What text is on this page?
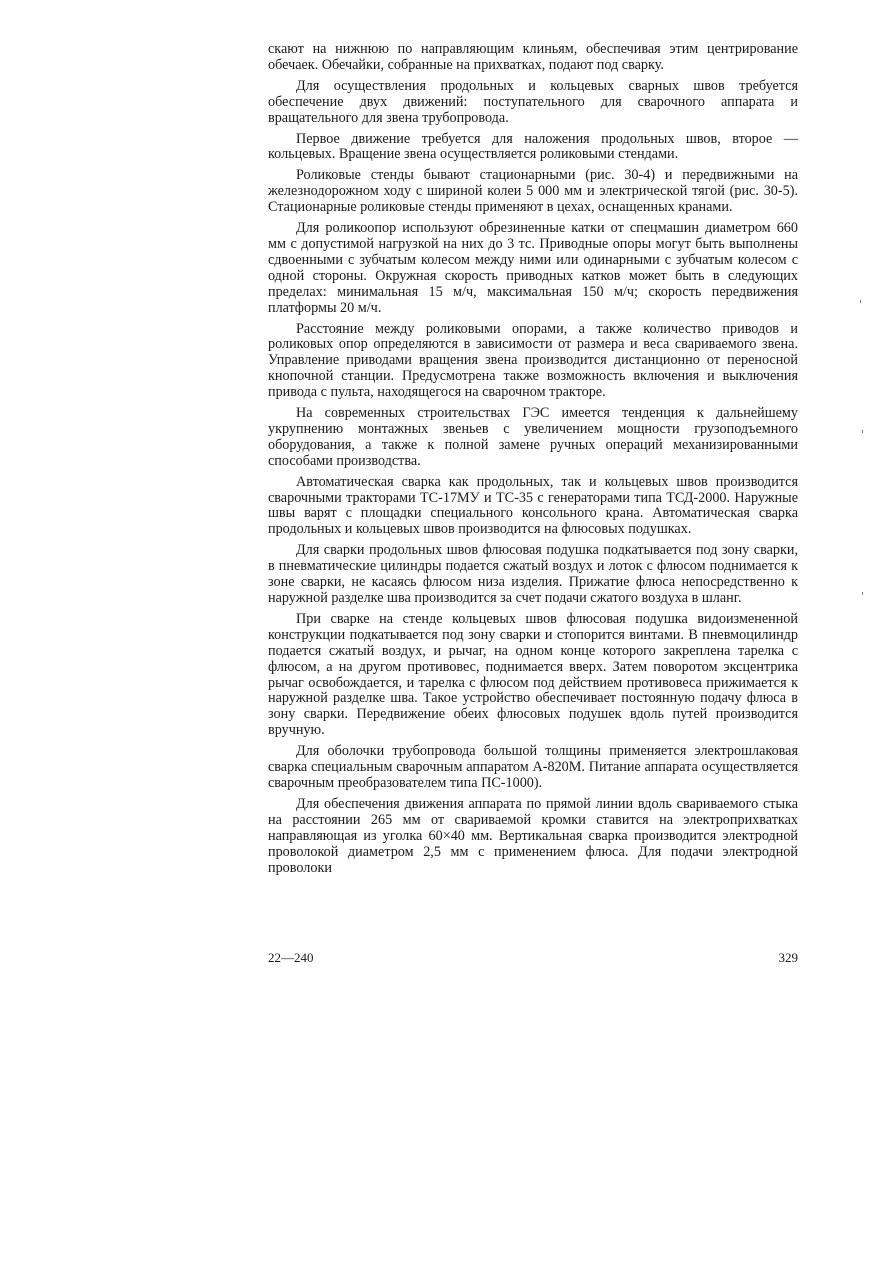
скают на нижнюю по направляющим клиньям, обеспечивая этим центрирование обечаек. Обечайки, собранные на прихватках, подают под сварку.

Для осуществления продольных и кольцевых сварных швов требуется обеспечение двух движений: поступательного для сварочного аппарата и вращательного для звена трубопровода.

Первое движение требуется для наложения продольных швов, второе — кольцевых. Вращение звена осуществляется роликовыми стендами.

Роликовые стенды бывают стационарными (рис. 30-4) и передвижными на железнодорожном ходу с шириной колеи 5 000 мм и электрической тягой (рис. 30-5). Стационарные роликовые стенды применяют в цехах, оснащенных кранами.

Для роликоопор используют обрезиненные катки от спецмашин диаметром 660 мм с допустимой нагрузкой на них до 3 тс. Приводные опоры могут быть выполнены сдвоенными с зубчатым колесом между ними или одинарными с зубчатым колесом с одной стороны. Окружная скорость приводных катков может быть в следующих пределах: минимальная 15 м/ч, максимальная 150 м/ч; скорость передвижения платформы 20 м/ч.

Расстояние между роликовыми опорами, а также количество приводов и роликовых опор определяются в зависимости от размера и веса свариваемого звена. Управление приводами вращения звена производится дистанционно от переносной кнопочной станции. Предусмотрена также возможность включения и выключения привода с пульта, находящегося на сварочном тракторе.

На современных строительствах ГЭС имеется тенденция к дальнейшему укрупнению монтажных звеньев с увеличением мощности грузоподъемного оборудования, а также к полной замене ручных операций механизированными способами производства.

Автоматическая сварка как продольных, так и кольцевых швов производится сварочными тракторами ТС-17МУ и ТС-35 с генераторами типа ТСД-2000. Наружные швы варят с площадки специального консольного крана. Автоматическая сварка продольных и кольцевых швов производится на флюсовых подушках.

Для сварки продольных швов флюсовая подушка подкатывается под зону сварки, в пневматические цилиндры подается сжатый воздух и лоток с флюсом поднимается к зоне сварки, не касаясь флюсом низа изделия. Прижатие флюса непосредственно к наружной разделке шва производится за счет подачи сжатого воздуха в шланг.

При сварке на стенде кольцевых швов флюсовая подушка видоизмененной конструкции подкатывается под зону сварки и стопорится винтами. В пневмоцилиндр подается сжатый воздух, и рычаг, на одном конце которого закреплена тарелка с флюсом, а на другом противовес, поднимается вверх. Затем поворотом эксцентрика рычаг освобождается, и тарелка с флюсом под действием противовеса прижимается к наружной разделке шва. Такое устройство обеспечивает постоянную подачу флюса в зону сварки. Передвижение обеих флюсовых подушек вдоль путей производится вручную.

Для оболочки трубопровода большой толщины применяется электрошлаковая сварка специальным сварочным аппаратом А-820М. Питание аппарата осуществляется сварочным преобразователем типа ПС-1000).

Для обеспечения движения аппарата по прямой линии вдоль свариваемого стыка на расстоянии 265 мм от свариваемой кромки ставится на электроприхватках направляющая из уголка 60×40 мм. Вертикальная сварка производится электродной проволокой диаметром 2,5 мм с применением флюса. Для подачи электродной проволоки

22—240	329
